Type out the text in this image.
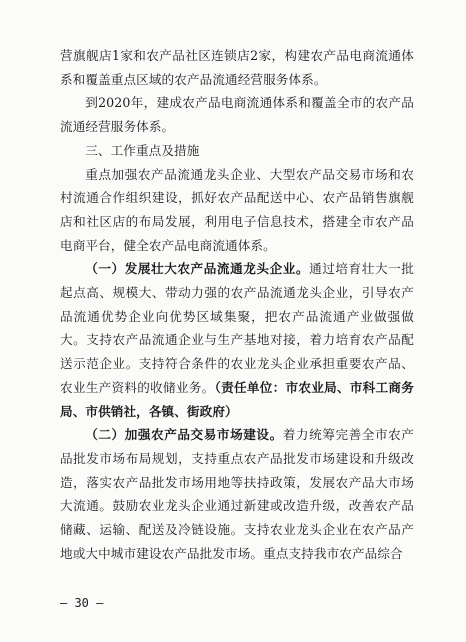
营旗舰店1家和农产品社区连锁店2家，构建农产品电商流通体系和覆盖重点区域的农产品流通经营服务体系。

到2020年，建成农产品电商流通体系和覆盖全市的农产品流通经营服务体系。

三、工作重点及措施

重点加强农产品流通龙头企业、大型农产品交易市场和农村流通合作组织建设，抓好农产品配送中心、农产品销售旗舰店和社区店的布局发展，利用电子信息技术，搭建全市农产品电商平台，健全农产品电商流通体系。

（一）发展壮大农产品流通龙头企业。通过培育壮大一批起点高、规模大、带动力强的农产品流通龙头企业，引导农产品流通优势企业向优势区域集聚，把农产品流通产业做强做大。支持农产品流通企业与生产基地对接，着力培育农产品配送示范企业。支持符合条件的农业龙头企业承担重要农产品、农业生产资料的收储业务。（责任单位：市农业局、市科工商务局、市供销社，各镇、街政府）

（二）加强农产品交易市场建设。着力统筹完善全市农产品批发市场布局规划，支持重点农产品批发市场建设和升级改造，落实农产品批发市场用地等扶持政策，发展农产品大市场大流通。鼓励农业龙头企业通过新建或改造升级，改善农产品储藏、运输、配送及冷链设施。支持农业龙头企业在农产品产地或大中城市建设农产品批发市场。重点支持我市农产品综合

— 30 —
